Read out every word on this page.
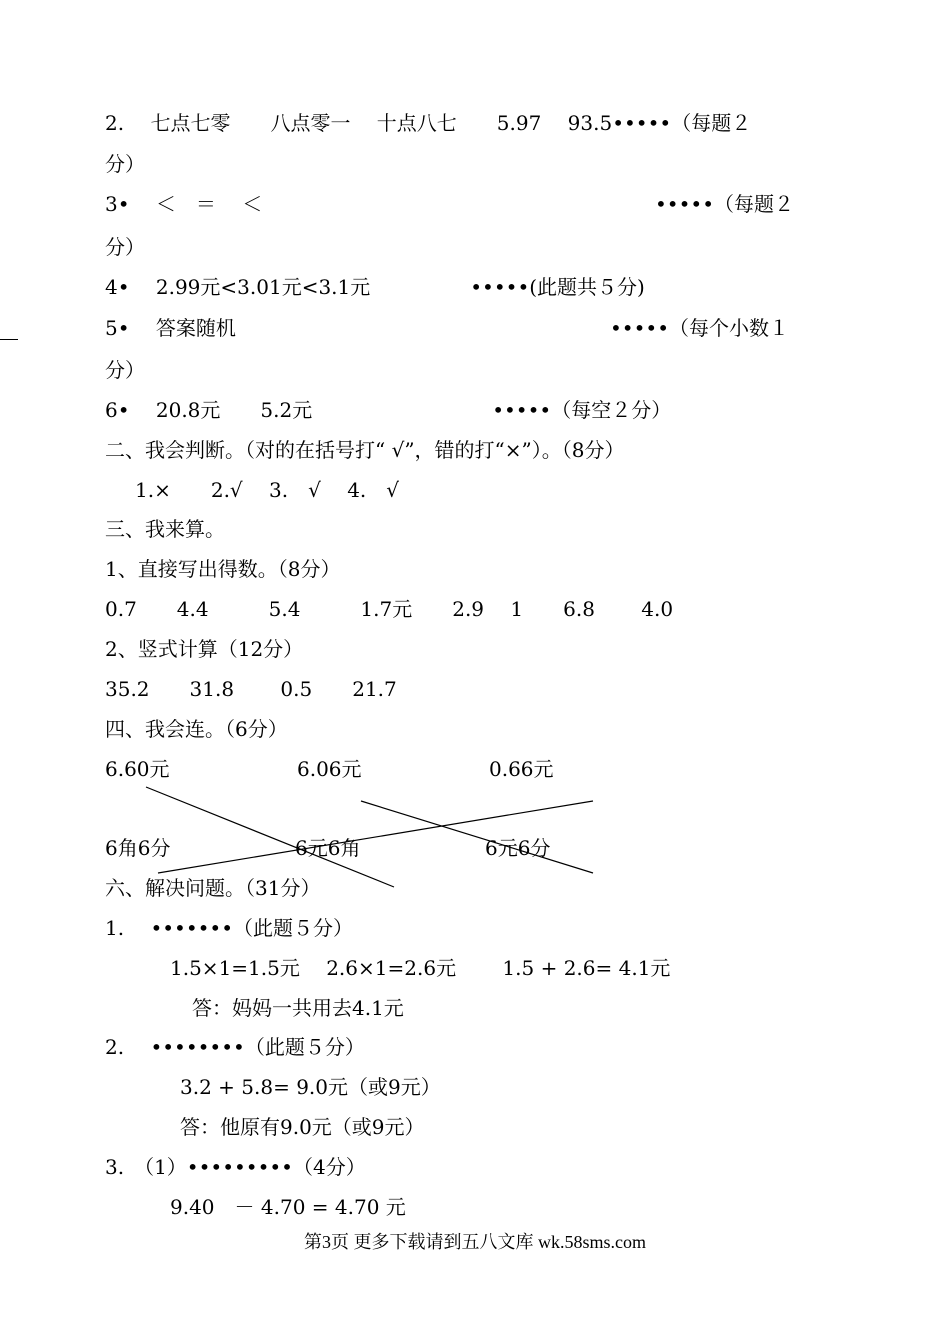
2.　 七点七零　　八点零一　 十点八七　　5.97　 93.5•••••（每题２
分）
3•　 ＜　＝　 ＜	•••••（每题２
分）
4•　 2.99元<3.01元<3.1元　　　　　•••••(此题共５分)
5•　 答案随机	•••••（每个小数１
分）
6•　 20.8元　　5.2元　　　　　　　　　•••••（每空２分）
二、我会判断。（对的在括号打“ √”，错的打“×”）。（8分）
1.×　　2.√　 3.　√　 4.　√
三、我来算。
1、直接写出得数。（8分）
0.7　　4.4　　　5.4　　　1.7元　　2.9　 1　　6.8　　 4.0
2、竖式计算（12分）
35.2　　31.8　　 0.5　　21.7
四、我会连。（6分）
6.60元	6.06元	0.66元
6角6分	6元6角	6元6分
六、解决问题。（31分）
1.　 •••••••（此题５分）
1.5×1=1.5元　 2.6×1=2.6元　　 1.5 + 2.6= 4.1元
答：妈妈一共用去4.1元
2.　 ••••••••（此题５分）
3.2 + 5.8= 9.0元（或9元）
答：他原有9.0元（或9元）
3.　（1）•••••••••（4分）
9.40　－ 4.70 = 4.70 元
第3页 更多下载请到五八文库 wk.58sms.com
